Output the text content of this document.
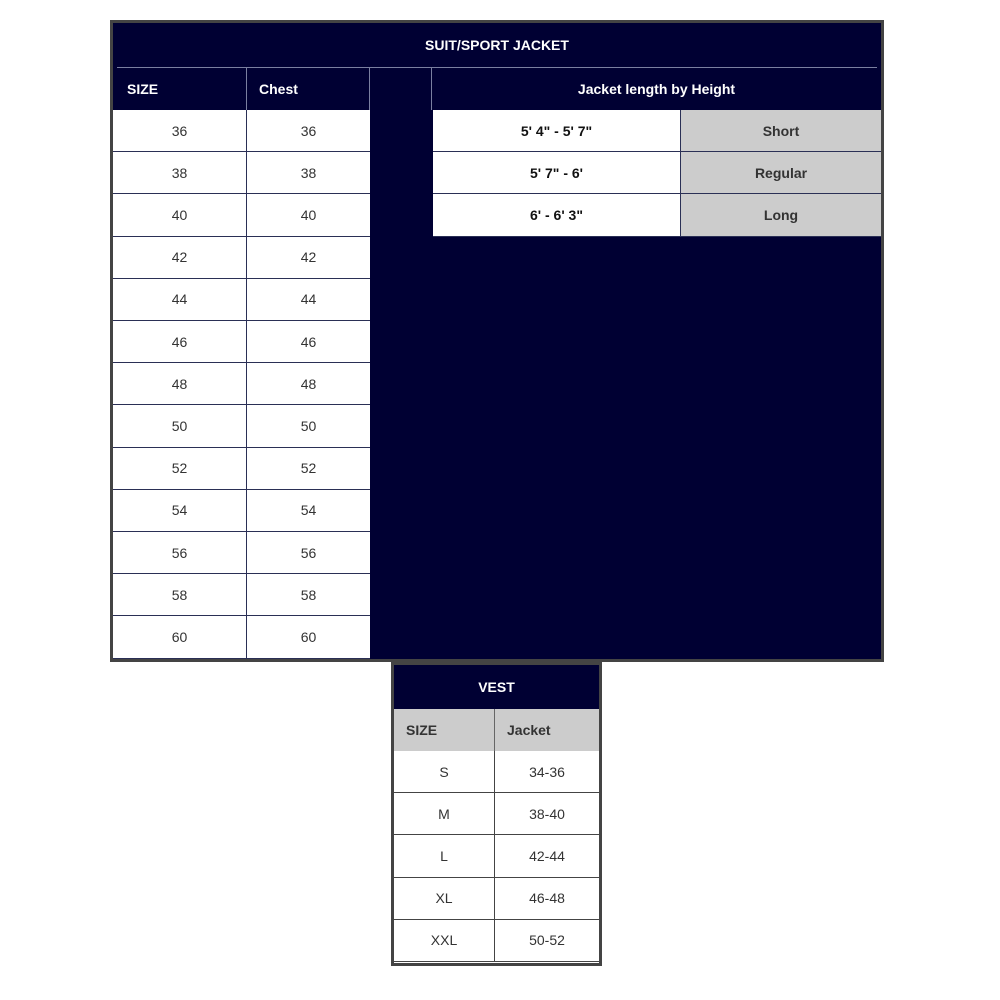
SUIT/SPORT JACKET
SIZE	Chest	Jacket length by Height
36	36
38	38
40	40
42	42
44	44
46	46
48	48
50	50
52	52
54	54
56	56
58	58
60	60
5' 4" - 5' 7"	Short
5' 7" - 6'	Regular
6' - 6' 3"	Long
VEST
SIZE	Jacket
S	34-36
M	38-40
L	42-44
XL	46-48
XXL	50-52
